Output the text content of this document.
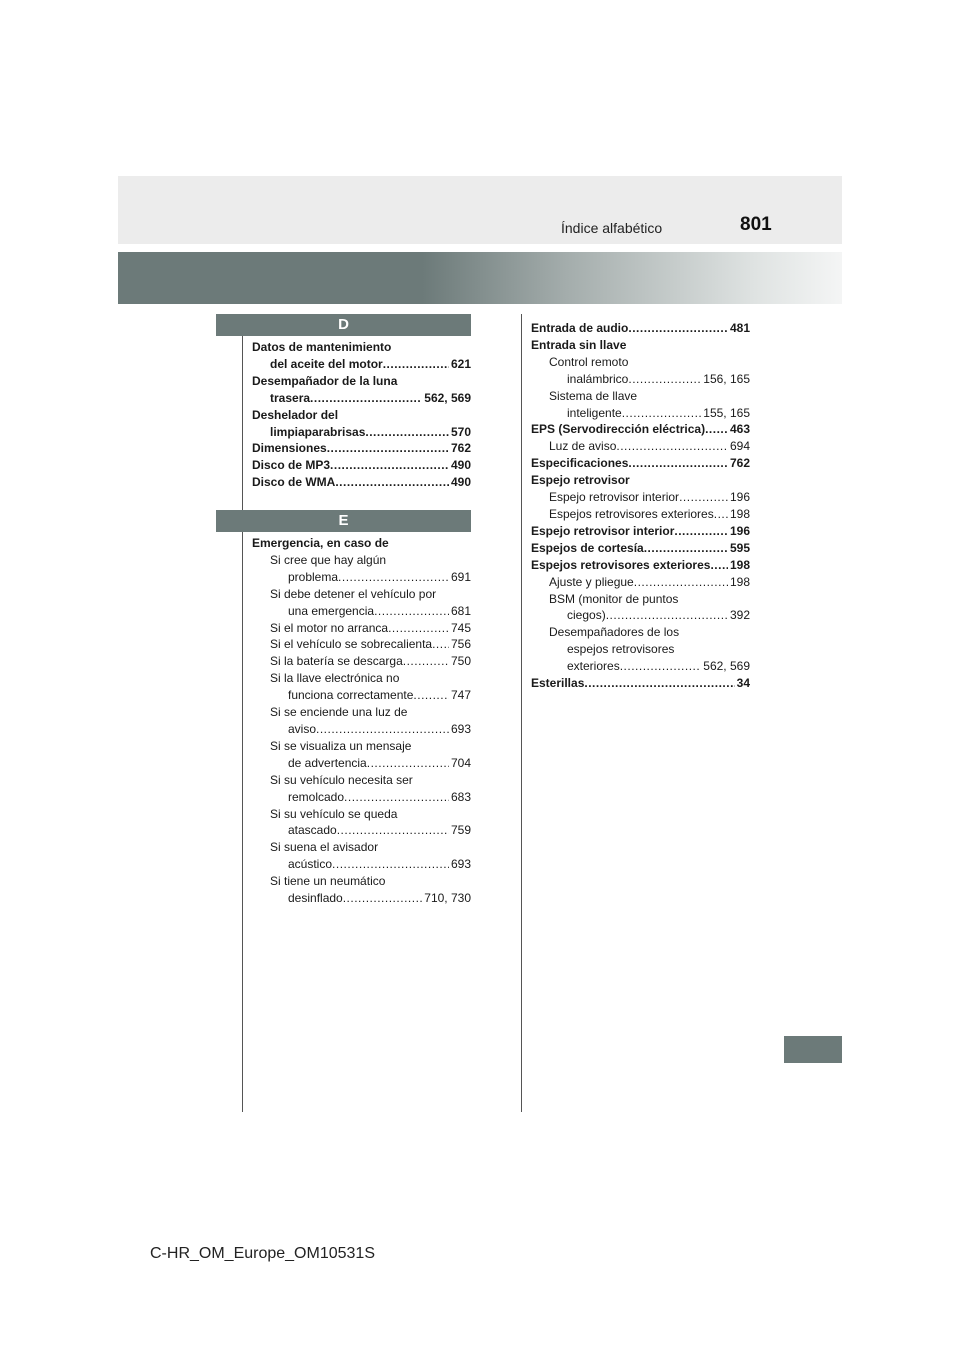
Índice alfabético	801
D
Datos de mantenimiento
del aceite del motor .....	621
Desempañador de la luna
trasera .....	562, 569
Deshelador del
limpiaparabrisas .....	570
Dimensiones .....	762
Disco de MP3 .....	490
Disco de WMA .....	490
E
Emergencia, en caso de
Si cree que hay algún
problema .....	691
Si debe detener el vehículo por
una emergencia .....	681
Si el motor no arranca .....	745
Si el vehículo se sobrecalienta ..... 756
Si la batería se descarga .....	750
Si la llave electrónica no
funciona correctamente .....	747
Si se enciende una luz de
aviso .....	693
Si se visualiza un mensaje
de advertencia .....	704
Si su vehículo necesita ser
remolcado .....	683
Si su vehículo se queda
atascado .....	759
Si suena el avisador
acústico .....	693
Si tiene un neumático
desinflado .....	710, 730
Entrada de audio .....	481
Entrada sin llave
Control remoto
inalámbrico .....	156, 165
Sistema de llave
inteligente .....	155, 165
EPS (Servodirección eléctrica) ..... 463
Luz de aviso .....	694
Especificaciones .....	762
Espejo retrovisor
Espejo retrovisor interior .....	196
Espejos retrovisores exteriores ..... 198
Espejo retrovisor interior .....	196
Espejos de cortesía .....	595
Espejos retrovisores exteriores ..... 198
Ajuste y pliegue .....	198
BSM (monitor de puntos
ciegos) .....	392
Desempañadores de los
espejos retrovisores
exteriores .....	562, 569
Esterillas .....	34
C-HR_OM_Europe_OM10531S
